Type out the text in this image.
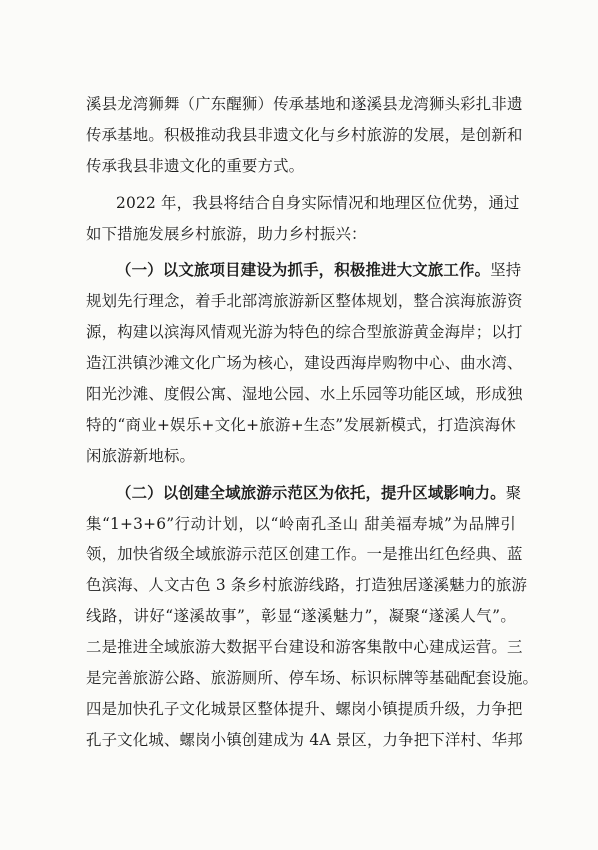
溪县龙湾狮舞（广东醒狮）传承基地和遂溪县龙湾狮头彩扎非遗
传承基地。积极推动我县非遗文化与乡村旅游的发展，是创新和
传承我县非遗文化的重要方式。
2022 年，我县将结合自身实际情况和地理区位优势，通过
如下措施发展乡村旅游，助力乡村振兴：
（一）以文旅项目建设为抓手，积极推进大文旅工作。坚持
规划先行理念，着手北部湾旅游新区整体规划，整合滨海旅游资
源，构建以滨海风情观光游为特色的综合型旅游黄金海岸；以打
造江洪镇沙滩文化广场为核心，建设西海岸购物中心、曲水湾、
阳光沙滩、度假公寓、湿地公园、水上乐园等功能区域，形成独
特的“商业+娱乐+文化+旅游+生态”发展新模式，打造滨海休
闲旅游新地标。
（二）以创建全域旅游示范区为依托，提升区域影响力。聚
集“1+3+6”行动计划，以“岭南孔圣山 甜美福寿城”为品牌引
领，加快省级全域旅游示范区创建工作。一是推出红色经典、蓝
色滨海、人文古色 3 条乡村旅游线路，打造独居遂溪魅力的旅游
线路，讲好“遂溪故事”，彰显“遂溪魅力”，凝聚“遂溪人气”。
二是推进全域旅游大数据平台建设和游客集散中心建成运营。三
是完善旅游公路、旅游厕所、停车场、标识标牌等基础配套设施。
四是加快孔子文化城景区整体提升、螺岗小镇提质升级，力争把
孔子文化城、螺岗小镇创建成为 4A 景区，力争把下洋村、华邦
